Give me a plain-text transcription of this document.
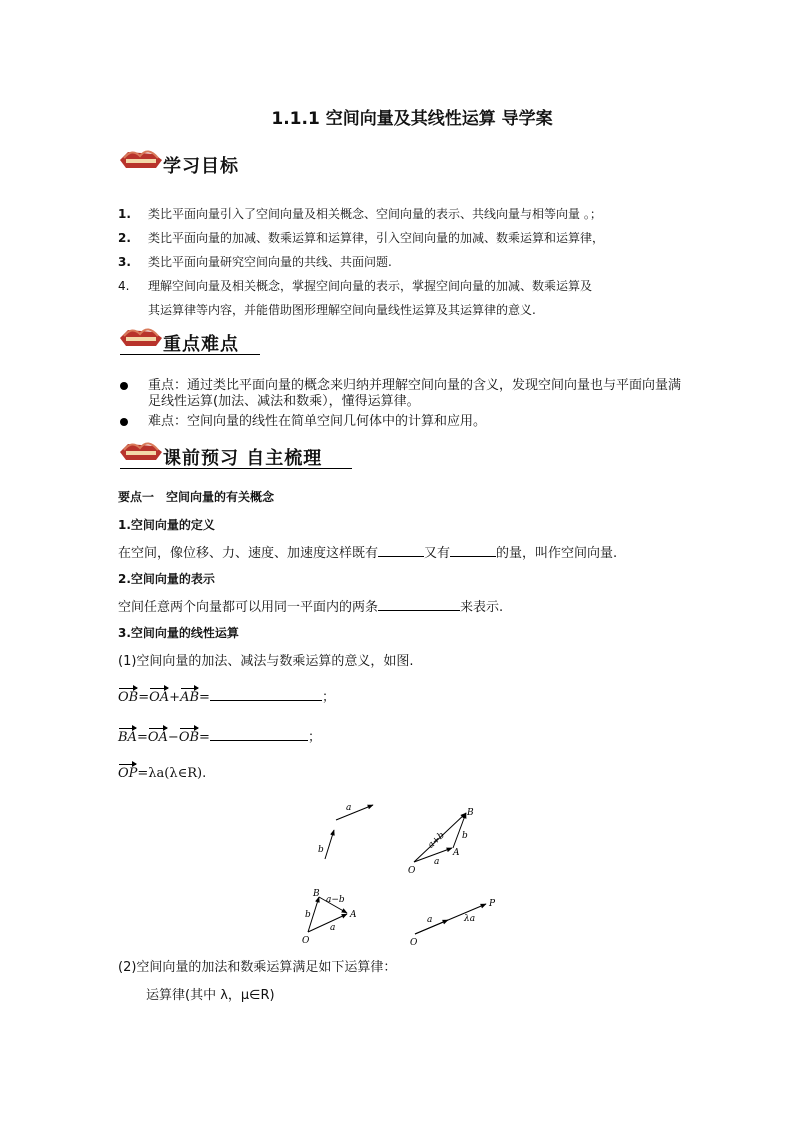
1.1.1 空间向量及其线性运算 导学案
学习目标
1. 类比平面向量引入了空间向量及相关概念、空间向量的表示、共线向量与相等向量 。；
2. 类比平面向量的加减、数乘运算和运算律，引入空间向量的加减、数乘运算和运算律，
3. 类比平面向量研究空间向量的共线、共面问题.
4. 理解空间向量及相关概念，掌握空间向量的表示，掌握空间向量的加减、数乘运算及
其运算律等内容，并能借助图形理解空间向量线性运算及其运算律的意义.
重点难点
重点：通过类比平面向量的概念来归纳并理解空间向量的含义，发现空间向量也与平面向量满足线性运算(加法、减法和数乘），懂得运算律。
难点：空间向量的线性在简单空间几何体中的计算和应用。
课前预习 自主梳理
要点一　空间向量的有关概念
1.空间向量的定义
在空间，像位移、力、速度、加速度这样既有	又有	的量，叫作空间向量.
2.空间向量的表示
空间任意两个向量都可以用同一平面内的两条	来表示.
3.空间向量的线性运算
(1)空间向量的加法、减法与数乘运算的意义，如图.
OB=OA+AB=	；
BA=OA−OB=	；
OP=λa(λ∈R).
a
b
O
A
B
a
b
a+b
O
B
A
a
b
a−b
O
P
a	λa
(2)空间向量的加法和数乘运算满足如下运算律：
运算律(其中 λ，μ∈R)
